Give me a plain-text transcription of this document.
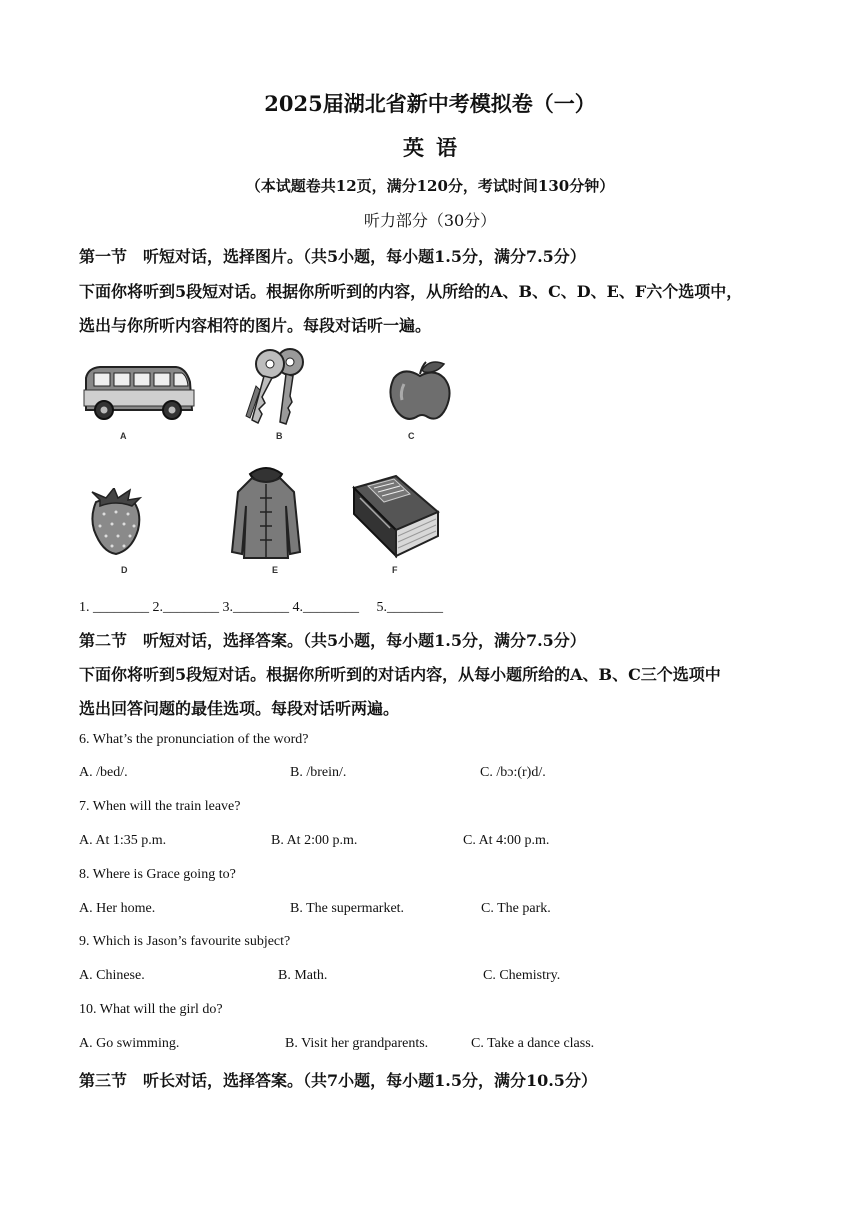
2025届湖北省新中考模拟卷（一）
英语
（本试题卷共12页，满分120分，考试时间130分钟）
听力部分（30分）
第一节　听短对话，选择图片。（共5小题，每小题1.5分，满分7.5分）
下面你将听到5段短对话。根据你所听到的内容，从所给的A、B、C、D、E、F六个选项中，
选出与你所听内容相符的图片。每段对话听一遍。
A	B	C
D	E	F
1. ________ 2.________ 3.________ 4.________　 5.________
第二节　听短对话，选择答案。（共5小题，每小题1.5分，满分7.5分）
下面你将听到5段短对话。根据你所听到的对话内容，从每小题所给的A、B、C三个选项中
选出回答问题的最佳选项。每段对话听两遍。
6. What’s the pronunciation of the word?
A. /bed/.	B. /brein/.	C. /bɔ:(r)d/.
7. When will the train leave?
A. At 1:35 p.m.	B. At 2:00 p.m.	C. At 4:00 p.m.
8. Where is Grace going to?
A. Her home.	B. The supermarket.	C. The park.
9. Which is Jason’s favourite subject?
A. Chinese.	B. Math.	C. Chemistry.
10. What will the girl do?
A. Go swimming.	B. Visit her grandparents.	C. Take a dance class.
第三节　听长对话，选择答案。（共7小题，每小题1.5分，满分10.5分）
